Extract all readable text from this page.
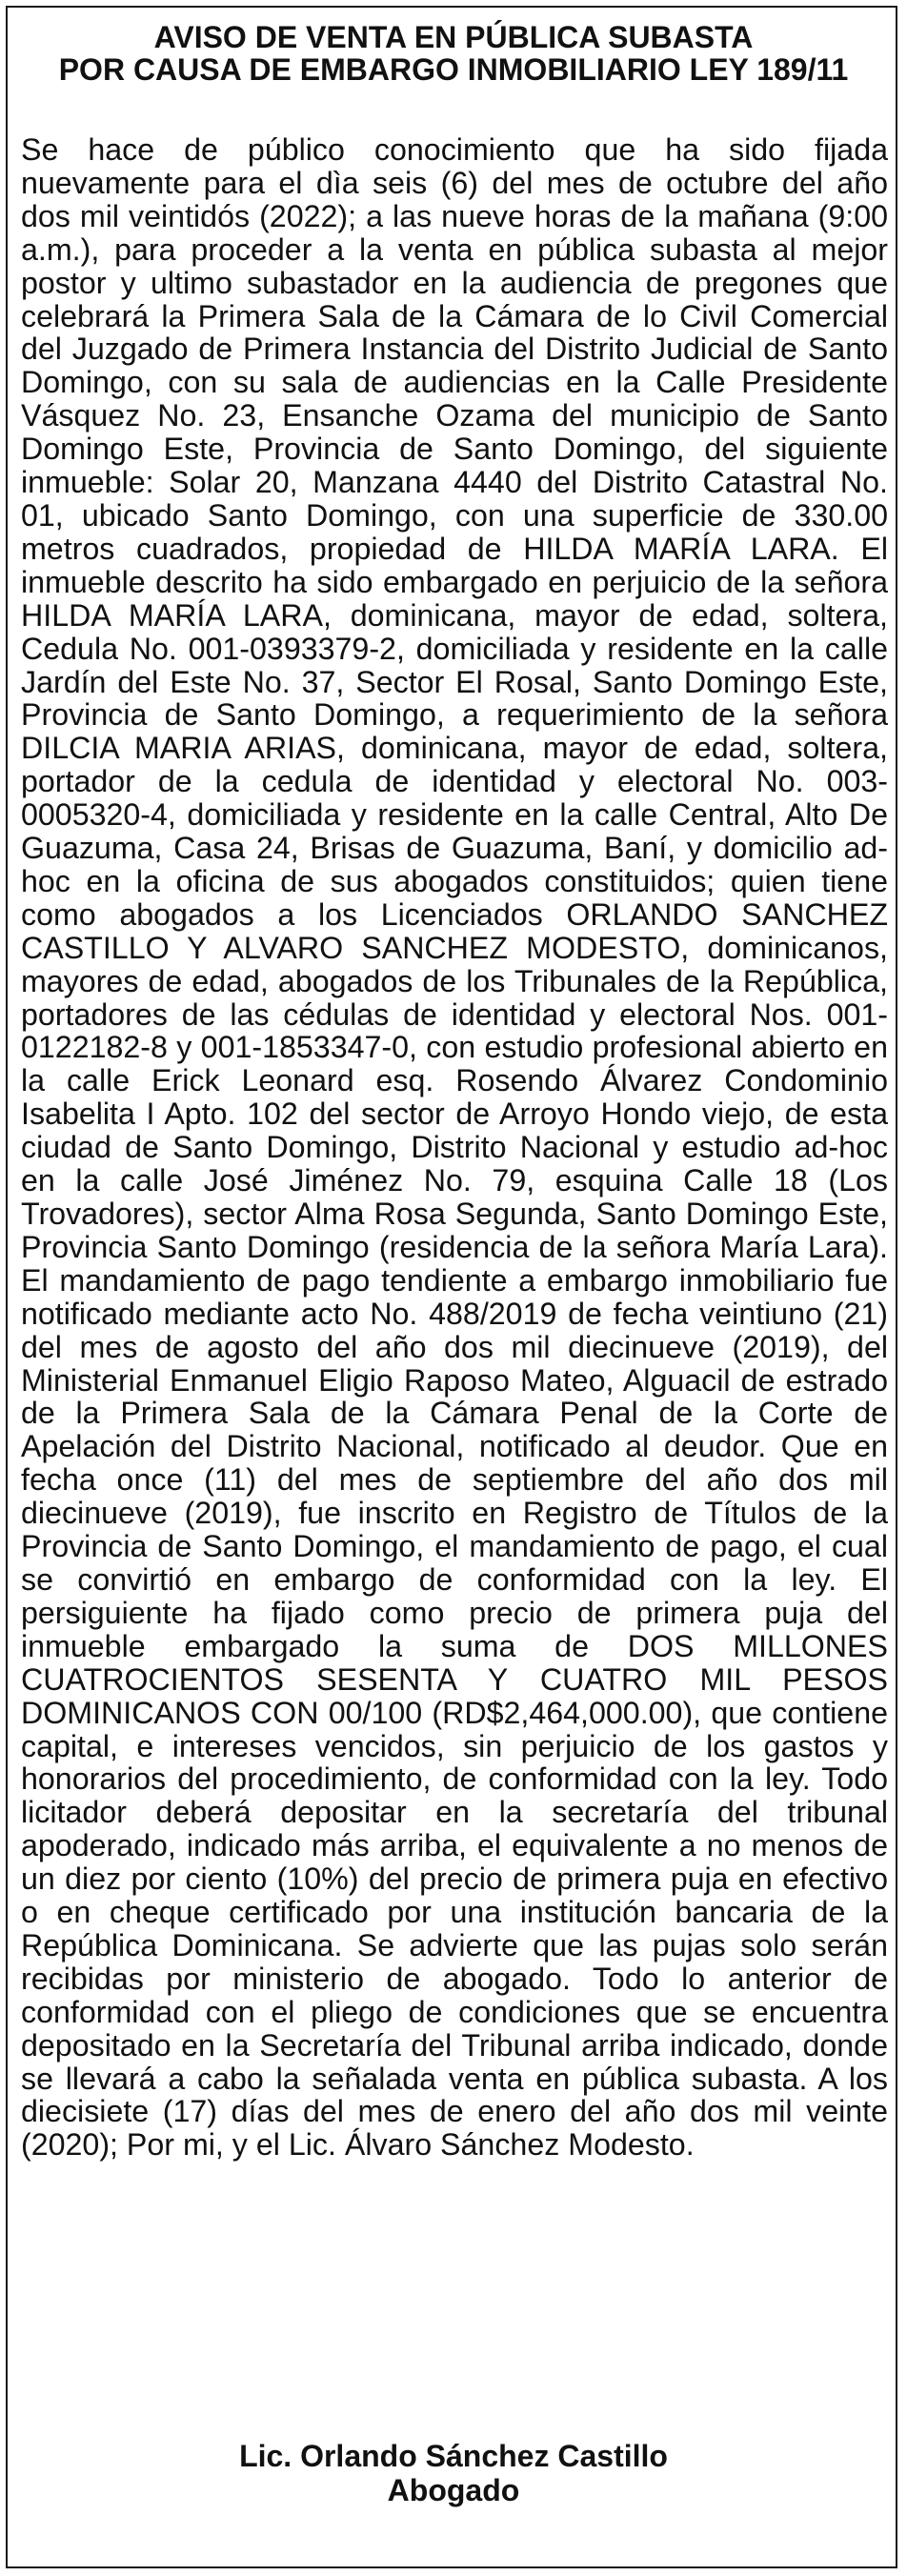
AVISO DE VENTA EN PÚBLICA SUBASTA
POR CAUSA DE EMBARGO INMOBILIARIO LEY 189/11
Se hace de público conocimiento que ha sido fijada nuevamente para el dìa seis (6) del mes de octubre del año dos mil veintidós (2022); a las nueve horas de la mañana (9:00 a.m.), para proceder a la venta en pública subasta al mejor postor y ultimo subastador en la audiencia de pregones que celebrará la Primera Sala de la Cámara de lo Civil Comercial del Juzgado de Primera Instancia del Distrito Judicial de Santo Domingo, con su sala de audiencias en la Calle Presidente Vásquez No. 23, Ensanche Ozama del municipio de Santo Domingo Este, Provincia de Santo Domingo, del siguiente inmueble: Solar 20, Manzana 4440 del Distrito Catastral No. 01, ubicado Santo Domingo, con una superficie de 330.00 metros cuadrados, propiedad de HILDA MARÍA LARA. El inmueble descrito ha sido embargado en perjuicio de la señora HILDA MARÍA LARA, dominicana, mayor de edad, soltera, Cedula No. 001-0393379-2, domiciliada y residente en la calle Jardín del Este No. 37, Sector El Rosal, Santo Domingo Este, Provincia de Santo Domingo, a requerimiento de la señora DILCIA MARIA ARIAS, dominicana, mayor de edad, soltera, portador de la cedula de identidad y electoral No. 003-0005320-4, domiciliada y residente en la calle Central, Alto De Guazuma, Casa 24, Brisas de Guazuma, Baní, y domicilio ad-hoc en la oficina de sus abogados constituidos; quien tiene como abogados a los Licenciados ORLANDO SANCHEZ CASTILLO Y ALVARO SANCHEZ MODESTO, dominicanos, mayores de edad, abogados de los Tribunales de la República, portadores de las cédulas de identidad y electoral Nos. 001-0122182-8 y 001-1853347-0, con estudio profesional abierto en la calle Erick Leonard esq. Rosendo Álvarez Condominio Isabelita I Apto. 102 del sector de Arroyo Hondo viejo, de esta ciudad de Santo Domingo, Distrito Nacional y estudio ad-hoc en la calle José Jiménez No. 79, esquina Calle 18 (Los Trovadores), sector Alma Rosa Segunda, Santo Domingo Este, Provincia Santo Domingo (residencia de la señora María Lara). El mandamiento de pago tendiente a embargo inmobiliario fue notificado mediante acto No. 488/2019 de fecha veintiuno (21) del mes de agosto del año dos mil diecinueve (2019), del Ministerial Enmanuel Eligio Raposo Mateo, Alguacil de estrado de la Primera Sala de la Cámara Penal de la Corte de Apelación del Distrito Nacional, notificado al deudor. Que en fecha once (11) del mes de septiembre del año dos mil diecinueve (2019), fue inscrito en Registro de Títulos de la Provincia de Santo Domingo, el mandamiento de pago, el cual se convirtió en embargo de conformidad con la ley. El persiguiente ha fijado como precio de primera puja del inmueble embargado la suma de DOS MILLONES CUATROCIENTOS SESENTA Y CUATRO MIL PESOS DOMINICANOS CON 00/100 (RD$2,464,000.00), que contiene capital, e intereses vencidos, sin perjuicio de los gastos y honorarios del procedimiento, de conformidad con la ley. Todo licitador deberá depositar en la secretaría del tribunal apoderado, indicado más arriba, el equivalente a no menos de un diez por ciento (10%) del precio de primera puja en efectivo o en cheque certificado por una institución bancaria de la República Dominicana. Se advierte que las pujas solo serán recibidas por ministerio de abogado. Todo lo anterior de conformidad con el pliego de condiciones que se encuentra depositado en la Secretaría del Tribunal arriba indicado, donde se llevará a cabo la señalada venta en pública subasta. A los diecisiete (17) días del mes de enero del año dos mil veinte (2020); Por mi, y el Lic. Álvaro Sánchez Modesto.
Lic. Orlando Sánchez Castillo
Abogado
